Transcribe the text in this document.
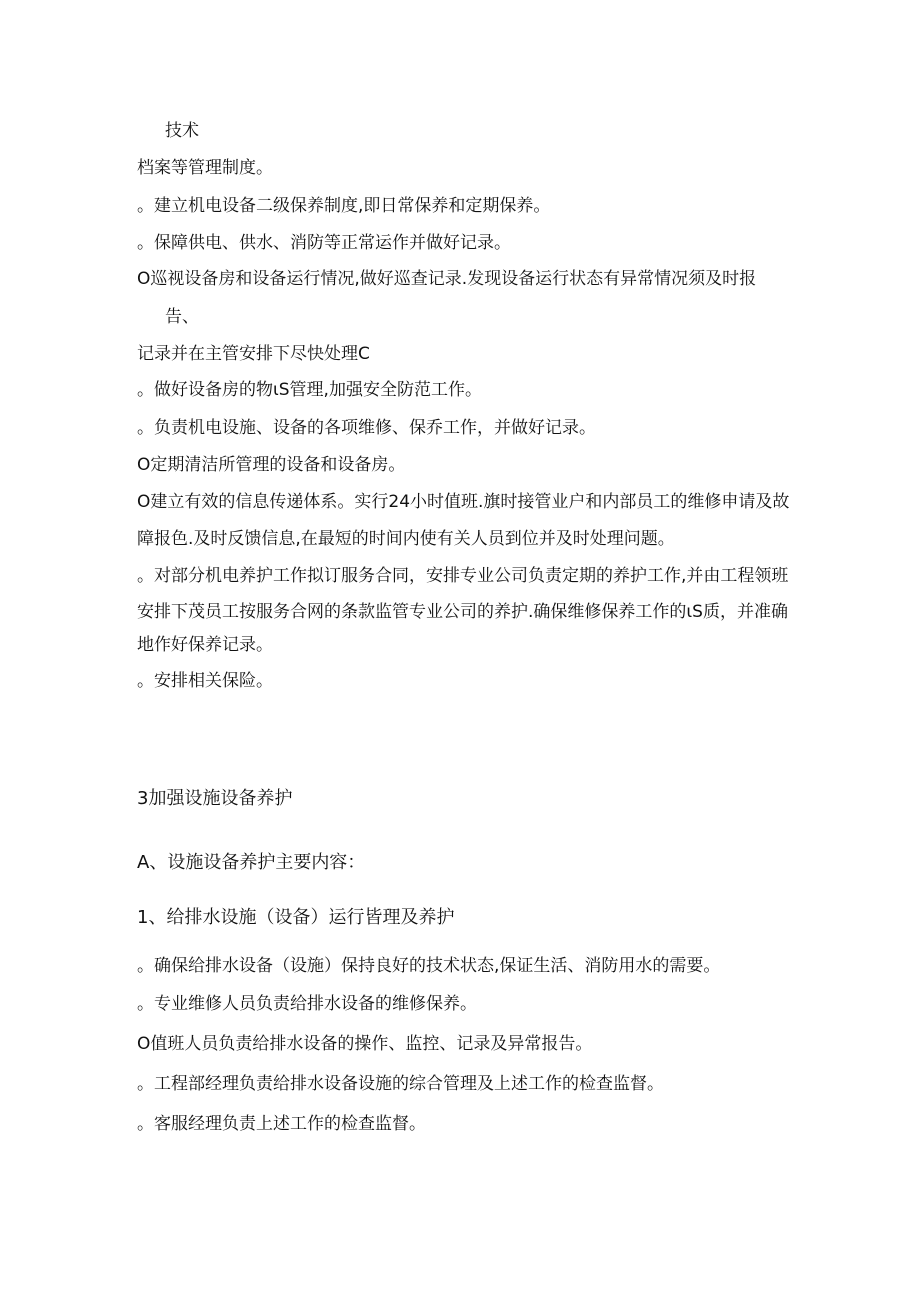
技术

档案等管理制度。

。建立机电设备二级保养制度,即日常保养和定期保养。

。保障供电、供水、消防等正常运作并做好记录。

O巡视设备房和设备运行情况,做好巡查记录.发现设备运行状态有异常情况须及时报

告、

记录并在主管安排下尽快处理C

。做好设备房的物ιS管理,加强安全防范工作。

。负责机电设施、设备的各项维修、保乔工作，并做好记录。

O定期清洁所管理的设备和设备房。

O建立有效的信息传递体系。实行24小时值班.旗时接管业户和内部员工的维修申请及故

障报色.及时反馈信息,在最短的时间内使有关人员到位并及时处理问题。

。对部分机电养护工作拟订服务合同，安排专业公司负责定期的养护工作,并由工程领班

安排下茂员工按服务合网的条款监管专业公司的养护.确保维修保养工作的ιS质，并准确

地作好保养记录。

。安排相关保险。

3加强设施设备养护

A、设施设备养护主要内容：

1、给排水设施（设备）运行皆理及养护

。确保给排水设备（设施）保持良好的技术状态,保证生活、消防用水的需要。

。专业维修人员负责给排水设备的维修保养。

O值班人员负责给排水设备的操作、监控、记录及异常报告。

。工程部经理负责给排水设备设施的综合管理及上述工作的检查监督。

。客服经理负责上述工作的检查监督。
